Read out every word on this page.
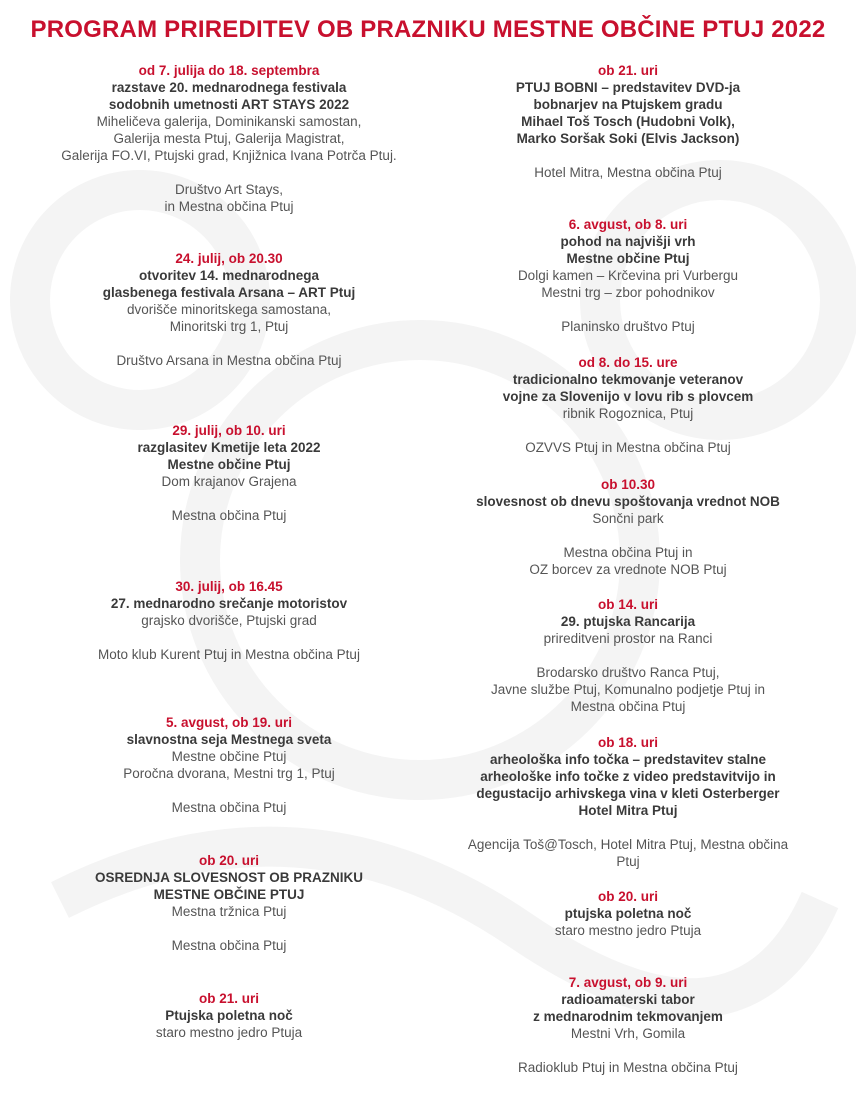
PROGRAM PRIREDITEV OB PRAZNIKU MESTNE OBČINE PTUJ 2022
od 7. julija do 18. septembra
razstave 20. mednarodnega festivala
sodobnih umetnosti ART STAYS 2022
Miheličeva galerija, Dominikanski samostan,
Galerija mesta Ptuj, Galerija Magistrat,
Galerija FO.VI, Ptujski grad, Knjižnica Ivana Potrča Ptuj.
Društvo Art Stays,
in Mestna občina Ptuj
24. julij, ob 20.30
otvoritev 14. mednarodnega
glasbenega festivala Arsana – ART Ptuj
dvorišče minoritskega samostana,
Minoritski trg 1, Ptuj
Društvo Arsana in Mestna občina Ptuj
29. julij, ob 10. uri
razglasitev Kmetije leta 2022
Mestne občine Ptuj
Dom krajanov Grajena
Mestna občina Ptuj
30. julij, ob 16.45
27. mednarodno srečanje motoristov
grajsko dvorišče, Ptujski grad
Moto klub Kurent Ptuj in Mestna občina Ptuj
5. avgust, ob 19. uri
slavnostna seja Mestnega sveta
Mestne občine Ptuj
Poročna dvorana, Mestni trg 1, Ptuj
Mestna občina Ptuj
ob 20. uri
OSREDNJA SLOVESNOST OB PRAZNIKU
MESTNE OBČINE PTUJ
Mestna tržnica Ptuj
Mestna občina Ptuj
ob 21. uri
Ptujska poletna noč
staro mestno jedro Ptuja
ob 21. uri
PTUJ BOBNI – predstavitev DVD-ja
bobnarjev na Ptujskem gradu
Mihael Toš Tosch (Hudobni Volk),
Marko Soršak Soki (Elvis Jackson)
Hotel Mitra, Mestna občina Ptuj
6. avgust, ob 8. uri
pohod na najvišji vrh
Mestne občine Ptuj
Dolgi kamen – Krčevina pri Vurbergu
Mestni trg – zbor pohodnikov
Planinsko društvo Ptuj
od 8. do 15. ure
tradicionalno tekmovanje veteranov
vojne za Slovenijo v lovu rib s plovcem
ribnik Rogoznica, Ptuj
OZVVS Ptuj in Mestna občina Ptuj
ob 10.30
slovesnost ob dnevu spoštovanja vrednot NOB
Sončni park
Mestna občina Ptuj in
OZ borcev za vrednote NOB Ptuj
ob 14. uri
29. ptujska Rancarija
prireditveni prostor na Ranci
Brodarsko društvo Ranca Ptuj,
Javne službe Ptuj, Komunalno podjetje Ptuj in
Mestna občina Ptuj
ob 18. uri
arheološka info točka – predstavitev stalne
arheološke info točke z video predstavitvijo in
degustacijo arhivskega vina v kleti Osterberger
Hotel Mitra Ptuj
Agencija Toš@Tosch, Hotel Mitra Ptuj, Mestna občina
Ptuj
ob 20. uri
ptujska poletna noč
staro mestno jedro Ptuja
7. avgust, ob 9. uri
radioamaterski tabor
z mednarodnim tekmovanjem
Mestni Vrh, Gomila
Radioklub Ptuj in Mestna občina Ptuj
